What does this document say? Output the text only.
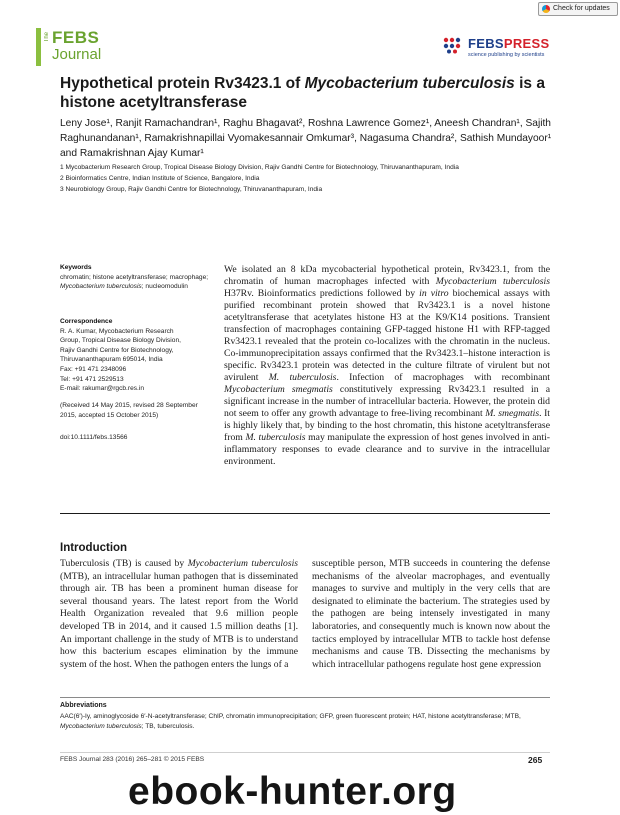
Check for updates
The FEBS
Journal
FEBSPRESS
science publishing by scientists
Hypothetical protein Rv3423.1 of Mycobacterium tuberculosis is a histone acetyltransferase
Leny Jose¹, Ranjit Ramachandran¹, Raghu Bhagavat², Roshna Lawrence Gomez¹, Aneesh Chandran¹, Sajith Raghunandanan¹, Ramakrishnapillai Vyomakesannair Omkumar³, Nagasuma Chandra², Sathish Mundayoor¹ and Ramakrishnan Ajay Kumar¹
1 Mycobacterium Research Group, Tropical Disease Biology Division, Rajiv Gandhi Centre for Biotechnology, Thiruvananthapuram, India
2 Bioinformatics Centre, Indian Institute of Science, Bangalore, India
3 Neurobiology Group, Rajiv Gandhi Centre for Biotechnology, Thiruvananthapuram, India
Keywords
chromatin; histone acetyltransferase; macrophage; Mycobacterium tuberculosis; nucleomodulin
Correspondence
R. A. Kumar, Mycobacterium Research
Group, Tropical Disease Biology Division,
Rajiv Gandhi Centre for Biotechnology,
Thiruvananthapuram 695014, India
Fax: +91 471 2348096
Tel: +91 471 2529513
E-mail: rakumar@rgcb.res.in
(Received 14 May 2015, revised 28 September 2015, accepted 15 October 2015)
doi:10.1111/febs.13566
We isolated an 8 kDa mycobacterial hypothetical protein, Rv3423.1, from the chromatin of human macrophages infected with Mycobacterium tuberculosis H37Rv. Bioinformatics predictions followed by in vitro biochemical assays with purified recombinant protein showed that Rv3423.1 is a novel histone acetyltransferase that acetylates histone H3 at the K9/K14 positions. Transient transfection of macrophages containing GFP-tagged histone H1 with RFP-tagged Rv3423.1 revealed that the protein co-localizes with the chromatin in the nucleus. Co-immunoprecipitation assays confirmed that the Rv3423.1–histone interaction is specific. Rv3423.1 protein was detected in the culture filtrate of virulent but not avirulent M. tuberculosis. Infection of macrophages with recombinant Mycobacterium smegmatis constitutively expressing Rv3423.1 resulted in a significant increase in the number of intracellular bacteria. However, the protein did not seem to offer any growth advantage to free-living recombinant M. smegmatis. It is highly likely that, by binding to the host chromatin, this histone acetyltransferase from M. tuberculosis may manipulate the expression of host genes involved in anti-inflammatory responses to evade clearance and to survive in the intracellular environment.
Introduction
Tuberculosis (TB) is caused by Mycobacterium tuberculosis (MTB), an intracellular human pathogen that is disseminated through air. TB has been a prominent human disease for several thousand years. The latest report from the World Health Organization revealed that 9.6 million people developed TB in 2014, and it caused 1.5 million deaths [1]. An important challenge in the study of MTB is to understand how this bacterium escapes elimination by the immune system of the host. When the pathogen enters the lungs of a
susceptible person, MTB succeeds in countering the defense mechanisms of the alveolar macrophages, and eventually manages to survive and multiply in the very cells that are designated to eliminate the bacterium. The strategies used by the pathogen are being intensely investigated in many laboratories, and consequently much is known now about the tactics employed by intracellular MTB to tackle host defense mechanisms and cause TB. Dissecting the mechanisms by which intracellular pathogens regulate host gene expression
Abbreviations
AAC(6′)-Iy, aminoglycoside 6′-N-acetyltransferase; ChIP, chromatin immunoprecipitation; GFP, green fluorescent protein; HAT, histone acetyltransferase; MTB, Mycobacterium tuberculosis; TB, tuberculosis.
FEBS Journal 283 (2016) 265–281 © 2015 FEBS	265
ebook-hunter.org
